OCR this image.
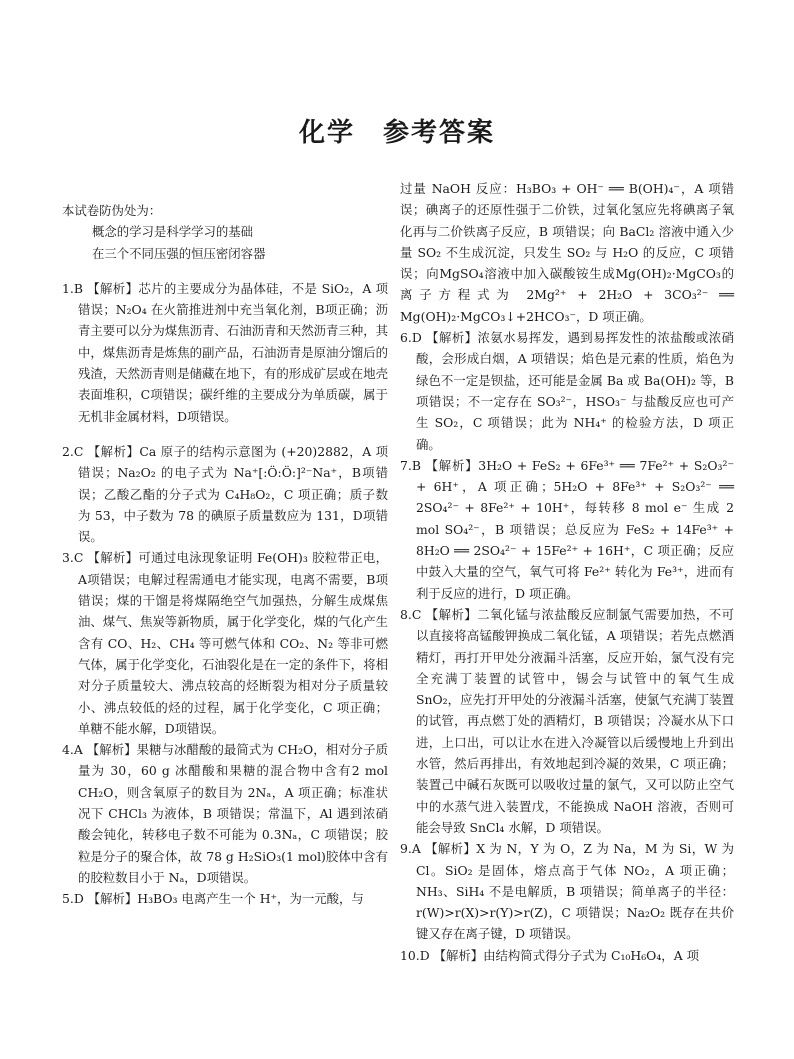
化学 参考答案

本试卷防伪处为：

概念的学习是科学学习的基础

在三个不同压强的恒压密闭容器

1.B 【解析】芯片的主要成分为晶体硅，不是 SiO₂，A 项错误；N₂O₄ 在火箭推进剂中充当氧化剂，B项正确；沥青主要可以分为煤焦沥青、石油沥青和天然沥青三种，其中，煤焦沥青是炼焦的副产品，石油沥青是原油分馏后的残渣，天然沥青则是储藏在地下，有的形成矿层或在地壳表面堆积，C项错误；碳纤维的主要成分为单质碳，属于无机非金属材料，D项错误。

2.C 【解析】Ca 原子的结构示意图为 (+20)2882，A 项错误；Na₂O₂ 的电子式为 Na⁺[:Ö:Ö:]²⁻Na⁺，B项错误；乙酸乙酯的分子式为 C₄H₈O₂，C 项正确；质子数为 53，中子数为 78 的碘原子质量数应为 131，D项错误。

3.C 【解析】可通过电泳现象证明 Fe(OH)₃ 胶粒带正电，A项错误；电解过程需通电才能实现，电离不需要，B项错误；煤的干馏是将煤隔绝空气加强热，分解生成煤焦油、煤气、焦炭等新物质，属于化学变化，煤的气化产生含有 CO、H₂、CH₄ 等可燃气体和 CO₂、N₂ 等非可燃气体，属于化学变化，石油裂化是在一定的条件下，将相对分子质量较大、沸点较高的烃断裂为相对分子质量较小、沸点较低的烃的过程，属于化学变化，C 项正确；单糖不能水解，D项错误。

4.A 【解析】果糖与冰醋酸的最简式为 CH₂O，相对分子质量为 30，60 g 冰醋酸和果糖的混合物中含有2 mol CH₂O，则含氧原子的数目为 2Nₐ，A 项正确；标准状况下 CHCl₃ 为液体，B 项错误；常温下，Al 遇到浓硝酸会钝化，转移电子数不可能为 0.3Nₐ，C 项错误；胶粒是分子的聚合体，故 78 g H₂SiO₃(1 mol)胶体中含有的胶粒数目小于 Nₐ，D项错误。

5.D 【解析】H₃BO₃ 电离产生一个 H⁺，为一元酸，与

过量 NaOH 反应：H₃BO₃ + OH⁻ ══ B(OH)₄⁻，A 项错误；碘离子的还原性强于二价铁，过氧化氢应先将碘离子氧化再与二价铁离子反应，B 项错误；向 BaCl₂ 溶液中通入少量 SO₂ 不生成沉淀，只发生 SO₂ 与 H₂O 的反应，C 项错误；向MgSO₄溶液中加入碳酸铵生成Mg(OH)₂·MgCO₃的离子方程式为 2Mg²⁺ + 2H₂O + 3CO₃²⁻ ══ Mg(OH)₂·MgCO₃↓+2HCO₃⁻，D 项正确。

6.D 【解析】浓氨水易挥发，遇到易挥发性的浓盐酸或浓硝酸，会形成白烟，A 项错误；焰色是元素的性质，焰色为绿色不一定是钡盐，还可能是金属 Ba 或 Ba(OH)₂ 等，B 项错误；不一定存在 SO₃²⁻，HSO₃⁻ 与盐酸反应也可产生 SO₂，C 项错误；此为 NH₄⁺ 的检验方法，D 项正确。

7.B 【解析】3H₂O + FeS₂ + 6Fe³⁺ ══ 7Fe²⁺ + S₂O₃²⁻ + 6H⁺，A 项正确；5H₂O + 8Fe³⁺ + S₂O₃²⁻ ══ 2SO₄²⁻ + 8Fe²⁺ + 10H⁺，每转移 8 mol e⁻ 生成 2 mol SO₄²⁻，B 项错误；总反应为 FeS₂ + 14Fe³⁺ + 8H₂O ══ 2SO₄²⁻ + 15Fe²⁺ + 16H⁺，C 项正确；反应中鼓入大量的空气，氧气可将 Fe²⁺ 转化为 Fe³⁺，进而有利于反应的进行，D 项正确。

8.C 【解析】二氧化锰与浓盐酸反应制氯气需要加热，不可以直接将高锰酸钾换成二氧化锰，A 项错误；若先点燃酒精灯，再打开甲处分液漏斗活塞，反应开始，氯气没有完全充满丁装置的试管中，锡会与试管中的氧气生成 SnO₂，应先打开甲处的分液漏斗活塞，使氯气充满丁装置的试管，再点燃丁处的酒精灯，B 项错误；冷凝水从下口进，上口出，可以让水在进入冷凝管以后缓慢地上升到出水管，然后再排出，有效地起到冷凝的效果，C 项正确；装置己中碱石灰既可以吸收过量的氯气，又可以防止空气中的水蒸气进入装置戊，不能换成 NaOH 溶液，否则可能会导致 SnCl₄ 水解，D 项错误。

9.A 【解析】X 为 N，Y 为 O，Z 为 Na，M 为 Si，W 为 Cl。SiO₂ 是固体，熔点高于气体 NO₂，A 项正确；NH₃、SiH₄ 不是电解质，B 项错误；简单离子的半径：r(W)>r(X)>r(Y)>r(Z)，C 项错误；Na₂O₂ 既存在共价键又存在离子键，D 项错误。

10.D 【解析】由结构简式得分子式为 C₁₀H₆O₄，A 项
